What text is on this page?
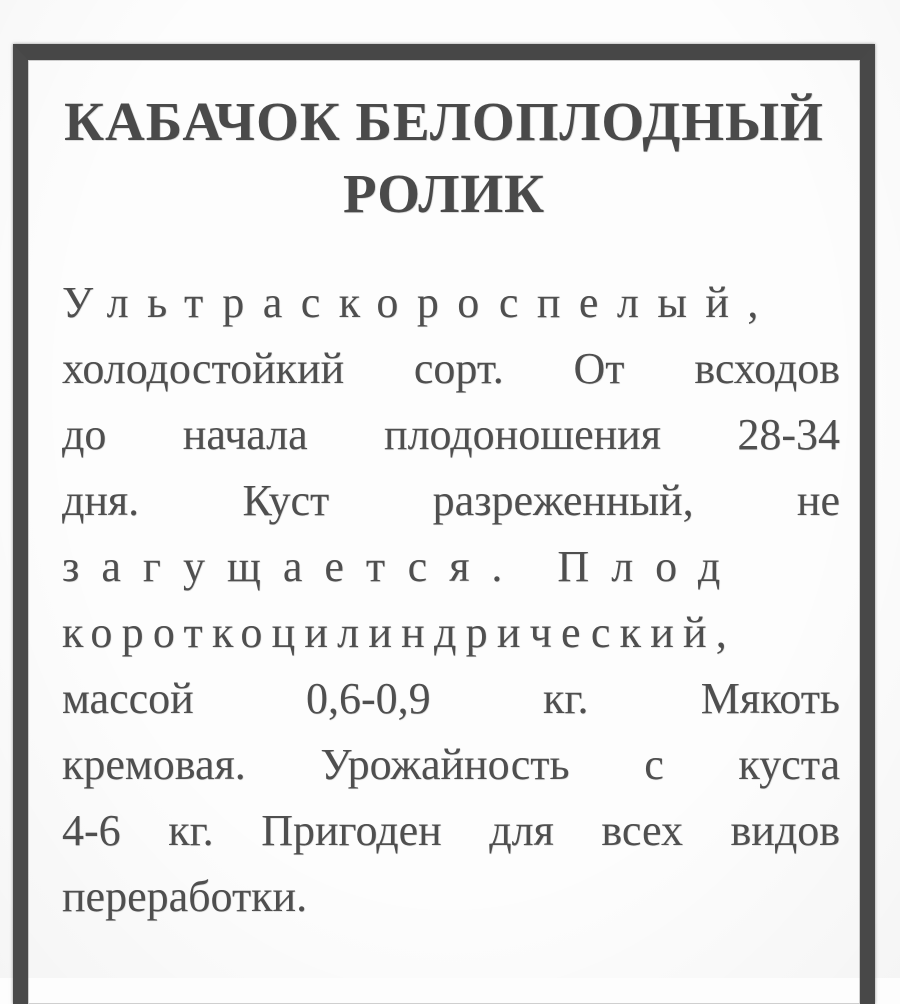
КАБАЧОК БЕЛОПЛОДНЫЙ
РОЛИК
Ультраскороспелый,
холодостойкий сорт. От всходов
до начала плодоношения 28-34
дня. Куст разреженный, не
загущается. Плод
короткоцилиндрический,
массой 0,6-0,9 кг. Мякоть
кремовая. Урожайность с куста
4-6 кг. Пригоден для всех видов
переработки.
